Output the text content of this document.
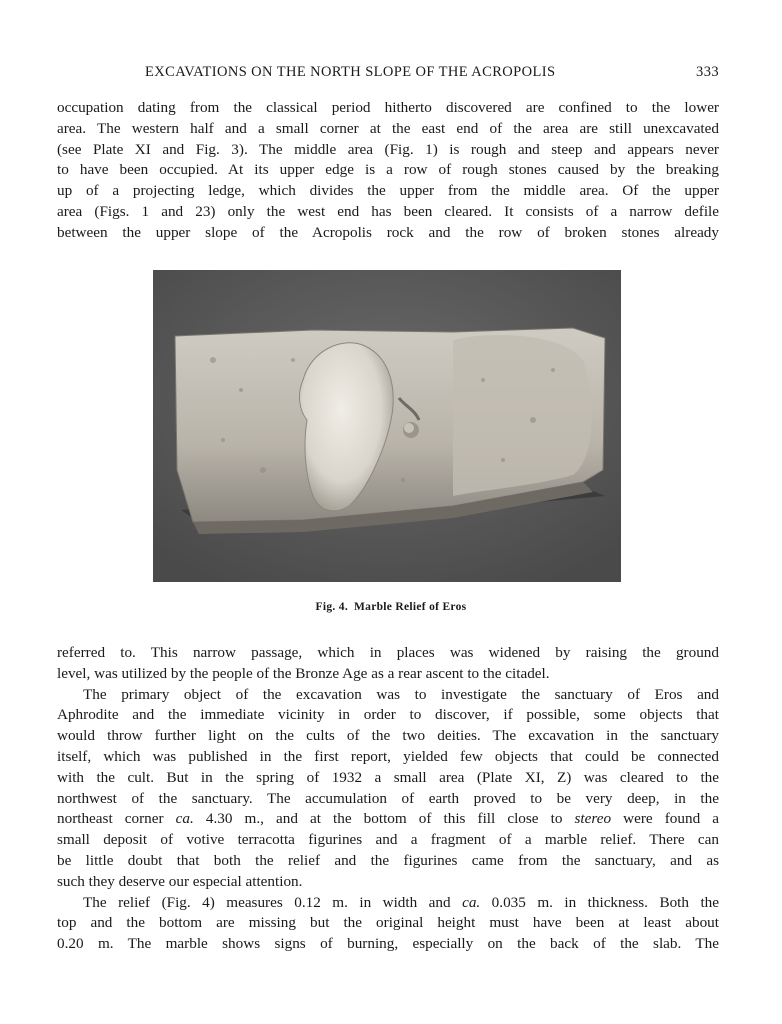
EXCAVATIONS ON THE NORTH SLOPE OF THE ACROPOLIS	333

occupation dating from the classical period hitherto discovered are confined to the lower
area. The western half and a small corner at the east end of the area are still unexcavated
(see Plate XI and Fig. 3). The middle area (Fig. 1) is rough and steep and appears never
to have been occupied. At its upper edge is a row of rough stones caused by the breaking
up of a projecting ledge, which divides the upper from the middle area. Of the upper
area (Figs. 1 and 23) only the west end has been cleared. It consists of a narrow defile
between the upper slope of the Acropolis rock and the row of broken stones already

Fig. 4. Marble Relief of Eros
referred to. This narrow passage, which in places was widened by raising the ground
level, was utilized by the people of the Bronze Age as a rear ascent to the citadel.
The primary object of the excavation was to investigate the sanctuary of Eros and
Aphrodite and the immediate vicinity in order to discover, if possible, some objects that
would throw further light on the cults of the two deities. The excavation in the sanctuary
itself, which was published in the first report, yielded few objects that could be connected
with the cult. But in the spring of 1932 a small area (Plate XI, Z) was cleared to the
northwest of the sanctuary. The accumulation of earth proved to be very deep, in the
northeast corner ca. 4.30 m., and at the bottom of this fill close to stereo were found a
small deposit of votive terracotta figurines and a fragment of a marble relief. There can
be little doubt that both the relief and the figurines came from the sanctuary, and as
such they deserve our especial attention.
The relief (Fig. 4) measures 0.12 m. in width and ca. 0.035 m. in thickness. Both the
top and the bottom are missing but the original height must have been at least about
0.20 m. The marble shows signs of burning, especially on the back of the slab. The
